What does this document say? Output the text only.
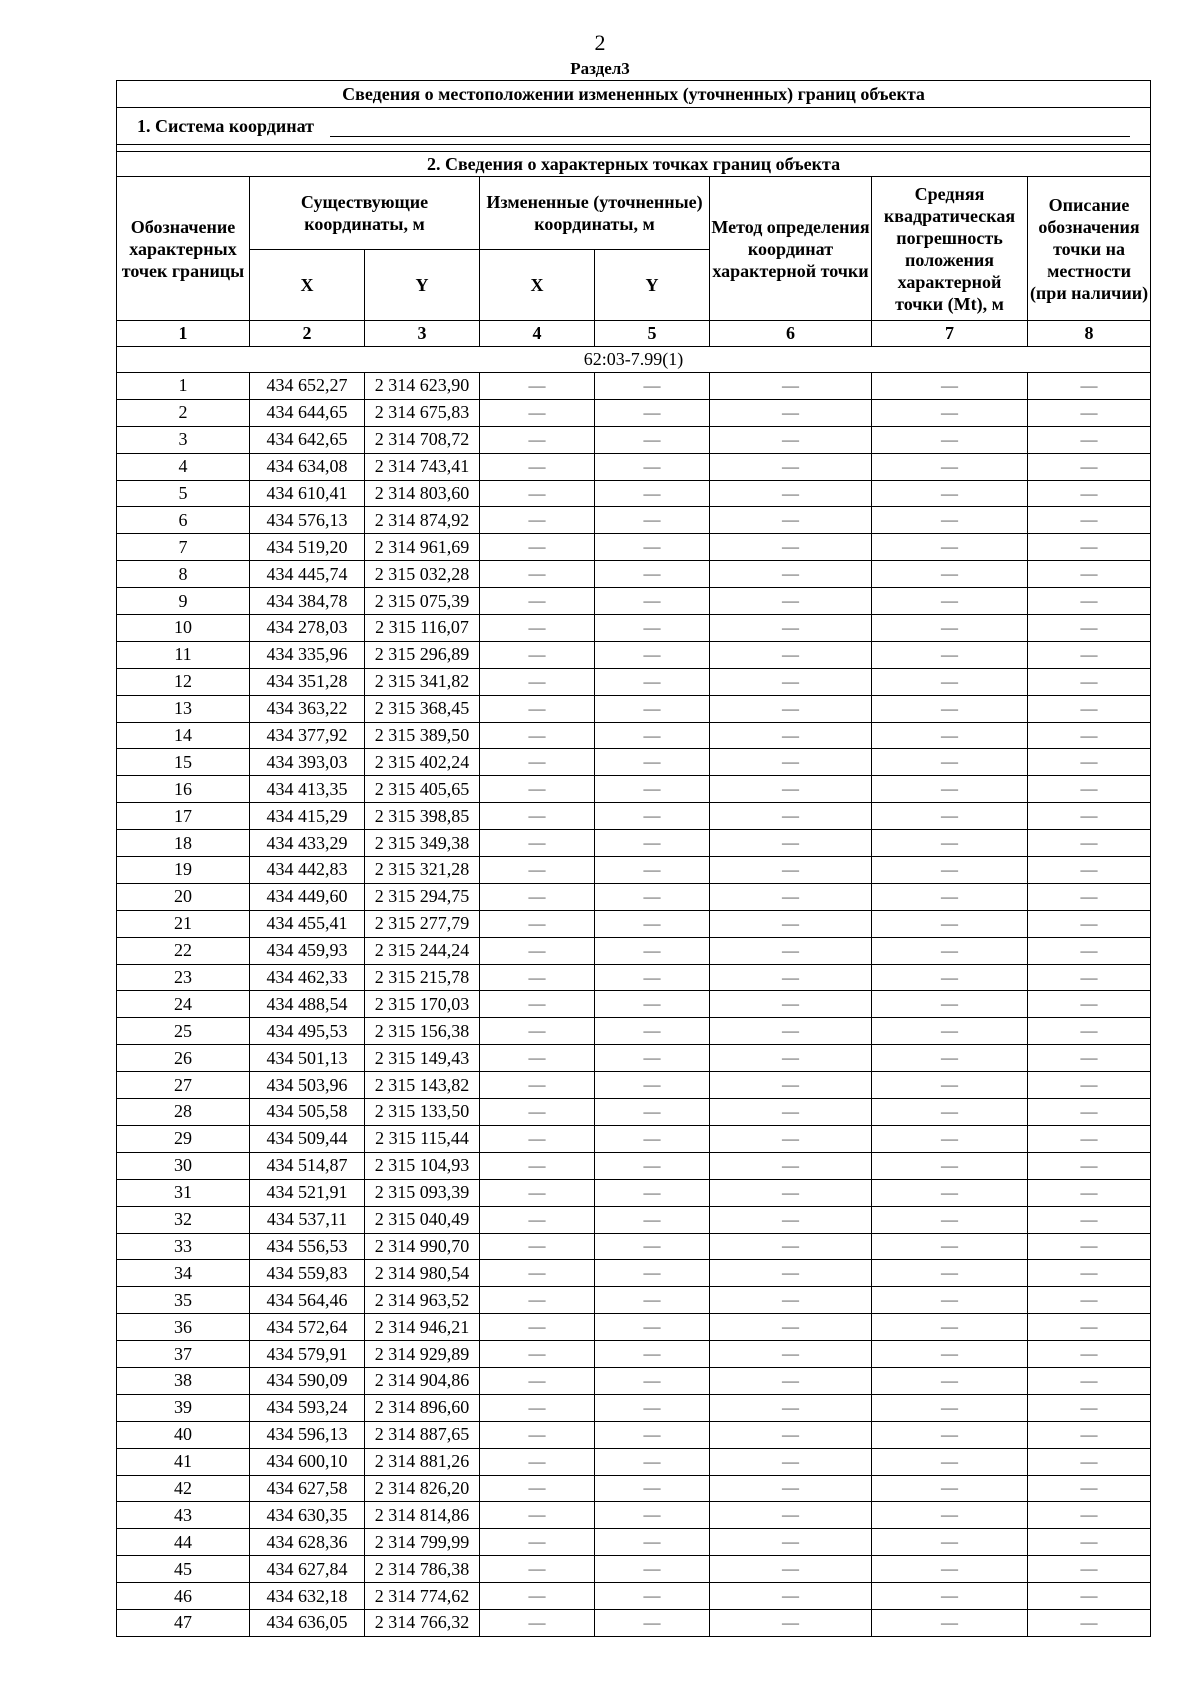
2
Раздел3
Сведения о местоположении измененных (уточненных) границ объекта							
1. Система координат							

2. Сведения о характерных точках границ объекта							
Обозначение характерных точек границы	Существующие координаты, м		Измененные (уточненные) координаты, м		Метод определения координат характерной точки	Средняя квадратическая погрешность положения характерной точки (Mt), м	Описание обозначения точки на местности (при наличии)
	X	Y	X	Y			
1	2	3	4	5	6	7	8
62:03-7.99(1)							
1	434 652,27	2 314 623,90	—	—	—	—	—
2	434 644,65	2 314 675,83	—	—	—	—	—
3	434 642,65	2 314 708,72	—	—	—	—	—
4	434 634,08	2 314 743,41	—	—	—	—	—
5	434 610,41	2 314 803,60	—	—	—	—	—
6	434 576,13	2 314 874,92	—	—	—	—	—
7	434 519,20	2 314 961,69	—	—	—	—	—
8	434 445,74	2 315 032,28	—	—	—	—	—
9	434 384,78	2 315 075,39	—	—	—	—	—
10	434 278,03	2 315 116,07	—	—	—	—	—
11	434 335,96	2 315 296,89	—	—	—	—	—
12	434 351,28	2 315 341,82	—	—	—	—	—
13	434 363,22	2 315 368,45	—	—	—	—	—
14	434 377,92	2 315 389,50	—	—	—	—	—
15	434 393,03	2 315 402,24	—	—	—	—	—
16	434 413,35	2 315 405,65	—	—	—	—	—
17	434 415,29	2 315 398,85	—	—	—	—	—
18	434 433,29	2 315 349,38	—	—	—	—	—
19	434 442,83	2 315 321,28	—	—	—	—	—
20	434 449,60	2 315 294,75	—	—	—	—	—
21	434 455,41	2 315 277,79	—	—	—	—	—
22	434 459,93	2 315 244,24	—	—	—	—	—
23	434 462,33	2 315 215,78	—	—	—	—	—
24	434 488,54	2 315 170,03	—	—	—	—	—
25	434 495,53	2 315 156,38	—	—	—	—	—
26	434 501,13	2 315 149,43	—	—	—	—	—
27	434 503,96	2 315 143,82	—	—	—	—	—
28	434 505,58	2 315 133,50	—	—	—	—	—
29	434 509,44	2 315 115,44	—	—	—	—	—
30	434 514,87	2 315 104,93	—	—	—	—	—
31	434 521,91	2 315 093,39	—	—	—	—	—
32	434 537,11	2 315 040,49	—	—	—	—	—
33	434 556,53	2 314 990,70	—	—	—	—	—
34	434 559,83	2 314 980,54	—	—	—	—	—
35	434 564,46	2 314 963,52	—	—	—	—	—
36	434 572,64	2 314 946,21	—	—	—	—	—
37	434 579,91	2 314 929,89	—	—	—	—	—
38	434 590,09	2 314 904,86	—	—	—	—	—
39	434 593,24	2 314 896,60	—	—	—	—	—
40	434 596,13	2 314 887,65	—	—	—	—	—
41	434 600,10	2 314 881,26	—	—	—	—	—
42	434 627,58	2 314 826,20	—	—	—	—	—
43	434 630,35	2 314 814,86	—	—	—	—	—
44	434 628,36	2 314 799,99	—	—	—	—	—
45	434 627,84	2 314 786,38	—	—	—	—	—
46	434 632,18	2 314 774,62	—	—	—	—	—
47	434 636,05	2 314 766,32	—	—	—	—	—
